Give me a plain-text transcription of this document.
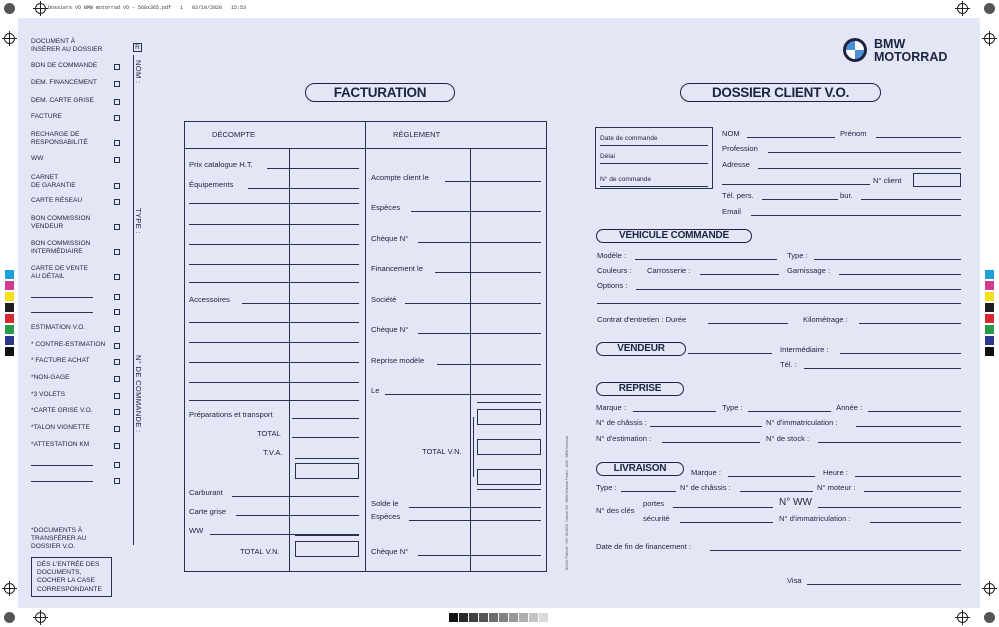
Dossiers VO BMW motorrad VO - 568x365.pdf   1   02/10/2020   15:53
DOCUMENT À
INSÉRER AU DOSSIER	R
BON DE COMMANDE
DEM. FINANCEMENT
DEM. CARTE GRISE
FACTURE
RECHARGE DE
RESPONSABILITÉ
WW
CARNET
DE GARANTIE
CARTE RÉSEAU
BON COMMISSION
VENDEUR
BON COMMISSION
INTERMÉDIAIRE
CARTE DE VENTE
AU DÉTAIL
ESTIMATION V.O.
* CONTRE-ESTIMATION
* FACTURE ACHAT
*NON-GAGE
*3 VOLETS
*CARTE GRISE V.O.
*TALON VIGNETTE
*ATTESTATION KM
NOM :
TYPE :
N° DE COMMANDE :
*DOCUMENTS À
TRANSFÉRER AU
DOSSIER V.O.
DÈS L'ENTRÉE DES
DOCUMENTS,
COCHER LA CASE
CORRESPONDANTE
FACTURATION
DÉCOMPTE	RÈGLEMENT
Prix catalogue H.T.
Équipements
Accessoires
Préparations et transport
TOTAL
T.V.A.
Carburant
Carte grise
WW
TOTAL V.N.
Acompte client le
Espèces
Chèque N°
Financement le
Société
Chèque N°
Reprise modèle
Le
TOTAL V.N.
Solde le
Espèces
Chèque N°	BUSSY Publicité · Réf : 01/2020 · Dossier VO · BMW Motorrad France · 2020 · BMW Motorrad
BMW
MOTORRAD
DOSSIER CLIENT V.O.
Date de commande
Délai
N° de commande
NOM	Prénom
Profession
Adresse
N° client
Tél. pers.	bur.
Email
Modèle :	Type :
Couleurs : Carrosserie :	Garnissage :
Options :
Contrat d'entretien : Durée	Kilométrage :
Intermédiaire :
Tél. :
Marque :	Type :	Année :
N° de châssis :	N° d'immatriculation :
N° d'estimation :	N° de stock :
Marque :	Heure :
Type :	N° de châssis :	N° moteur :
N° des clés
portes	N° WW
sécurité	N° d'immatriculation :
Date de fin de financement :
Visa
VÉHICULE COMMANDÉ
VENDEUR
REPRISE
LIVRAISON
